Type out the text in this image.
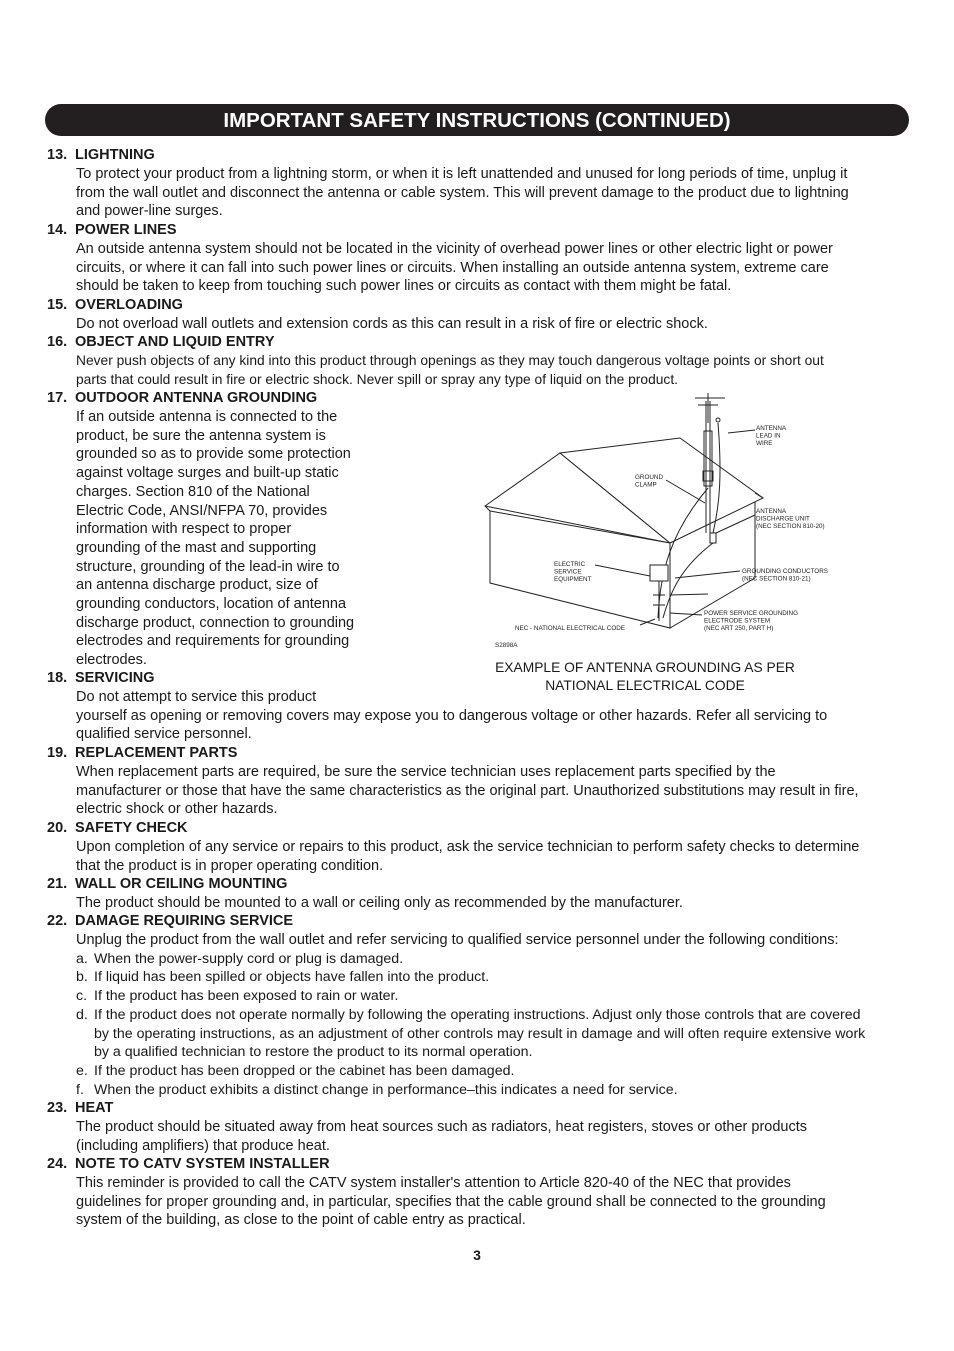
IMPORTANT SAFETY INSTRUCTIONS (CONTINUED)
13. LIGHTNING
To protect your product from a lightning storm, or when it is left unattended and unused for long periods of time, unplug it
from the wall outlet and disconnect the antenna or cable system. This will prevent damage to the product due to lightning
and power-line surges.
14. POWER LINES
An outside antenna system should not be located in the vicinity of overhead power lines or other electric light or power
circuits, or where it can fall into such power lines or circuits. When installing an outside antenna system, extreme care
should be taken to keep from touching such power lines or circuits as contact with them might be fatal.
15. OVERLOADING
Do not overload wall outlets and extension cords as this can result in a risk of fire or electric shock.
16. OBJECT AND LIQUID ENTRY
Never push objects of any kind into this product through openings as they may touch dangerous voltage points or short out
parts that could result in fire or electric shock. Never spill or spray any type of liquid on the product.
17. OUTDOOR ANTENNA GROUNDING
If an outside antenna is connected to the
product, be sure the antenna system is
grounded so as to provide some protection
against voltage surges and built-up static
charges. Section 810 of the National
Electric Code, ANSI/NFPA 70, provides
information with respect to proper
grounding of the mast and supporting
structure, grounding of the lead-in wire to
an antenna discharge product, size of
grounding conductors, location of antenna
discharge product, connection to grounding
electrodes and requirements for grounding
electrodes.
18. SERVICING
Do not attempt to service this product
yourself as opening or removing covers may expose you to dangerous voltage or other hazards. Refer all servicing to
qualified service personnel.
19. REPLACEMENT PARTS
When replacement parts are required, be sure the service technician uses replacement parts specified by the
manufacturer or those that have the same characteristics as the original part. Unauthorized substitutions may result in fire,
electric shock or other hazards.
20. SAFETY CHECK
Upon completion of any service or repairs to this product, ask the service technician to perform safety checks to determine
that the product is in proper operating condition.
21. WALL OR CEILING MOUNTING
The product should be mounted to a wall or ceiling only as recommended by the manufacturer.
22. DAMAGE REQUIRING SERVICE
Unplug the product from the wall outlet and refer servicing to qualified service personnel under the following conditions:
a. When the power-supply cord or plug is damaged.
b. If liquid has been spilled or objects have fallen into the product.
c. If the product has been exposed to rain or water.
d. If the product does not operate normally by following the operating instructions. Adjust only those controls that are covered
by the operating instructions, as an adjustment of other controls may result in damage and will often require extensive work
by a qualified technician to restore the product to its normal operation.
e. If the product has been dropped or the cabinet has been damaged.
f. When the product exhibits a distinct change in performance–this indicates a need for service.
23. HEAT
The product should be situated away from heat sources such as radiators, heat registers, stoves or other products
(including amplifiers) that produce heat.
24. NOTE TO CATV SYSTEM INSTALLER
This reminder is provided to call the CATV system installer's attention to Article 820-40 of the NEC that provides
guidelines for proper grounding and, in particular, specifies that the cable ground shall be connected to the grounding
system of the building, as close to the point of cable entry as practical.
ANTENNA LEAD IN WIRE
GROUND CLAMP
ANTENNA DISCHARGE UNIT (NEC SECTION 810-20)
ELECTRIC SERVICE EQUIPMENT
GROUNDING CONDUCTORS (NEC SECTION 810-21)
POWER SERVICE GROUNDING ELECTRODE SYSTEM (NEC ART 250, PART H)
NEC - NATIONAL ELECTRICAL CODE
S2898A
EXAMPLE OF ANTENNA GROUNDING AS PER
NATIONAL ELECTRICAL CODE
3
